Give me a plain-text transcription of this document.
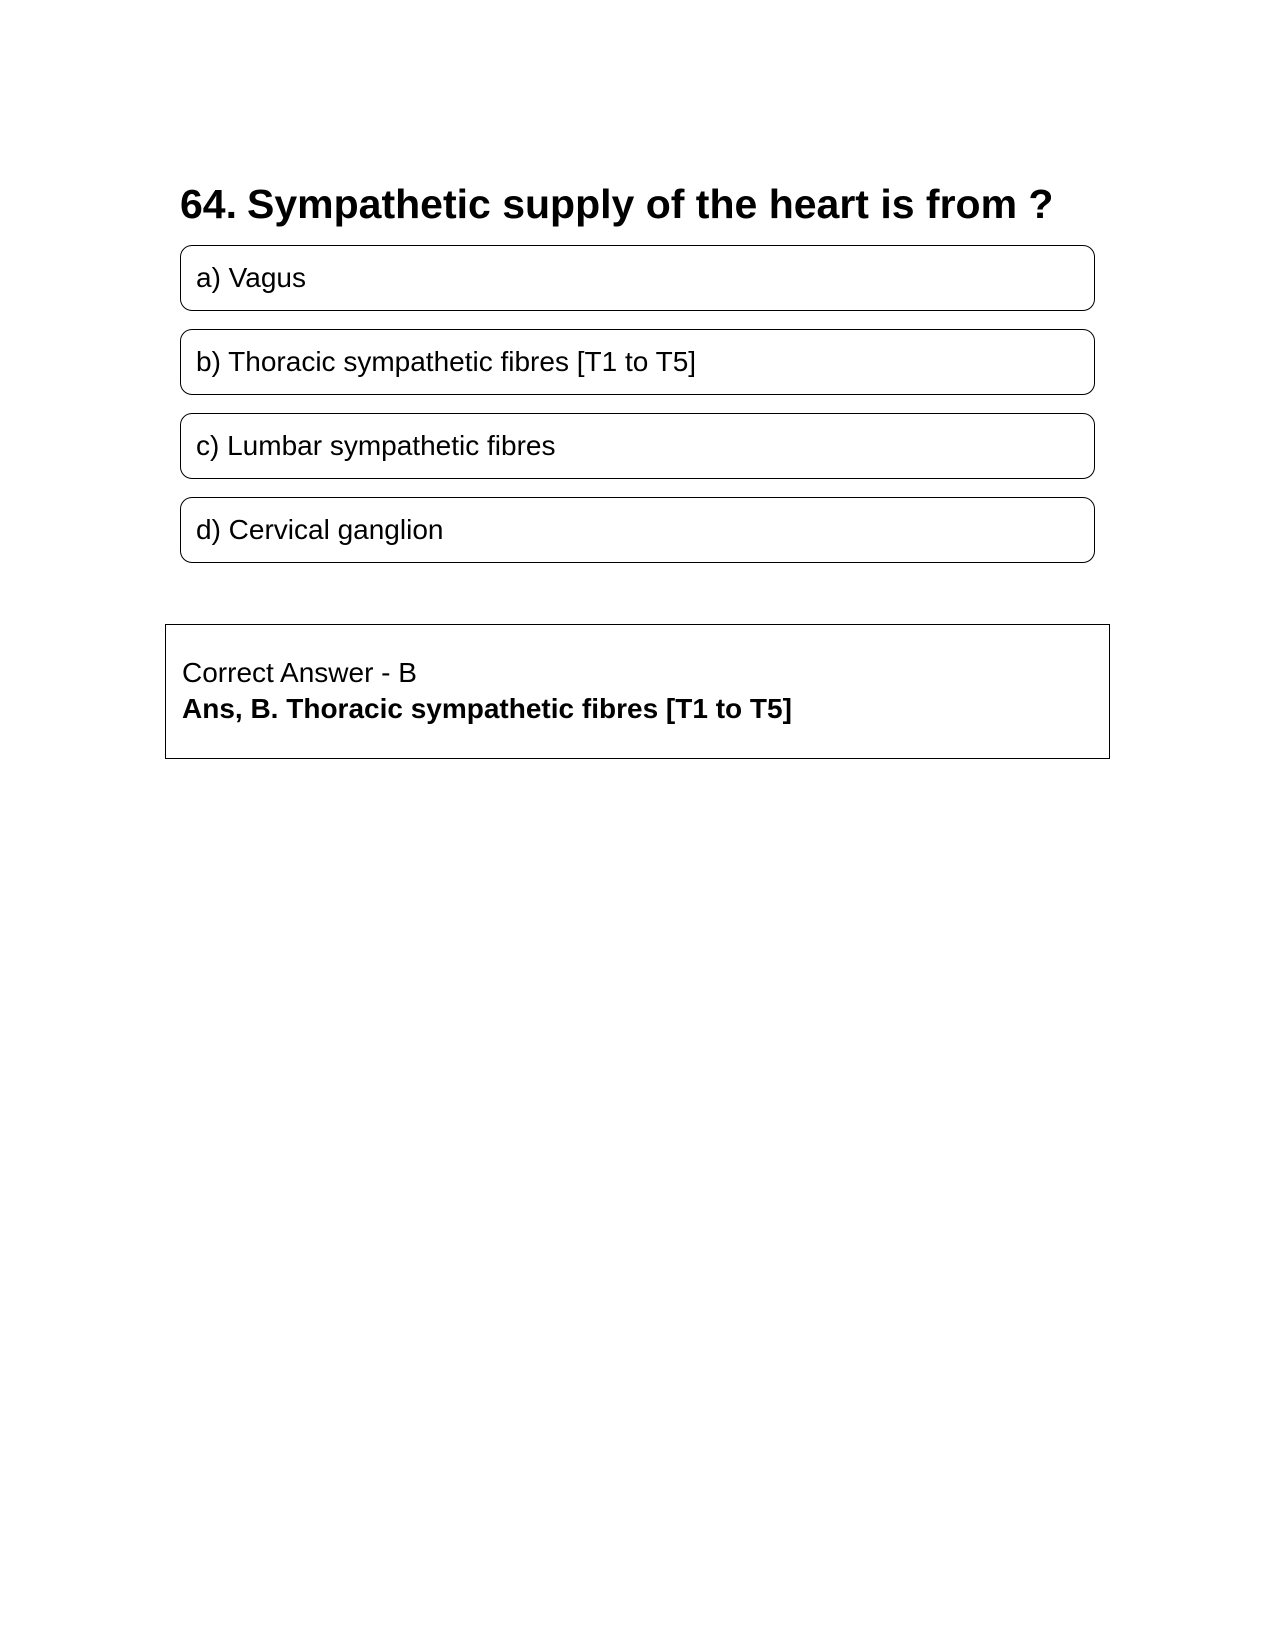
64. Sympathetic supply of the heart is from ?
a) Vagus
b) Thoracic sympathetic fibres [T1 to T5]
c) Lumbar sympathetic fibres
d) Cervical ganglion
Correct Answer - B
Ans, B. Thoracic sympathetic fibres [T1 to T5]
